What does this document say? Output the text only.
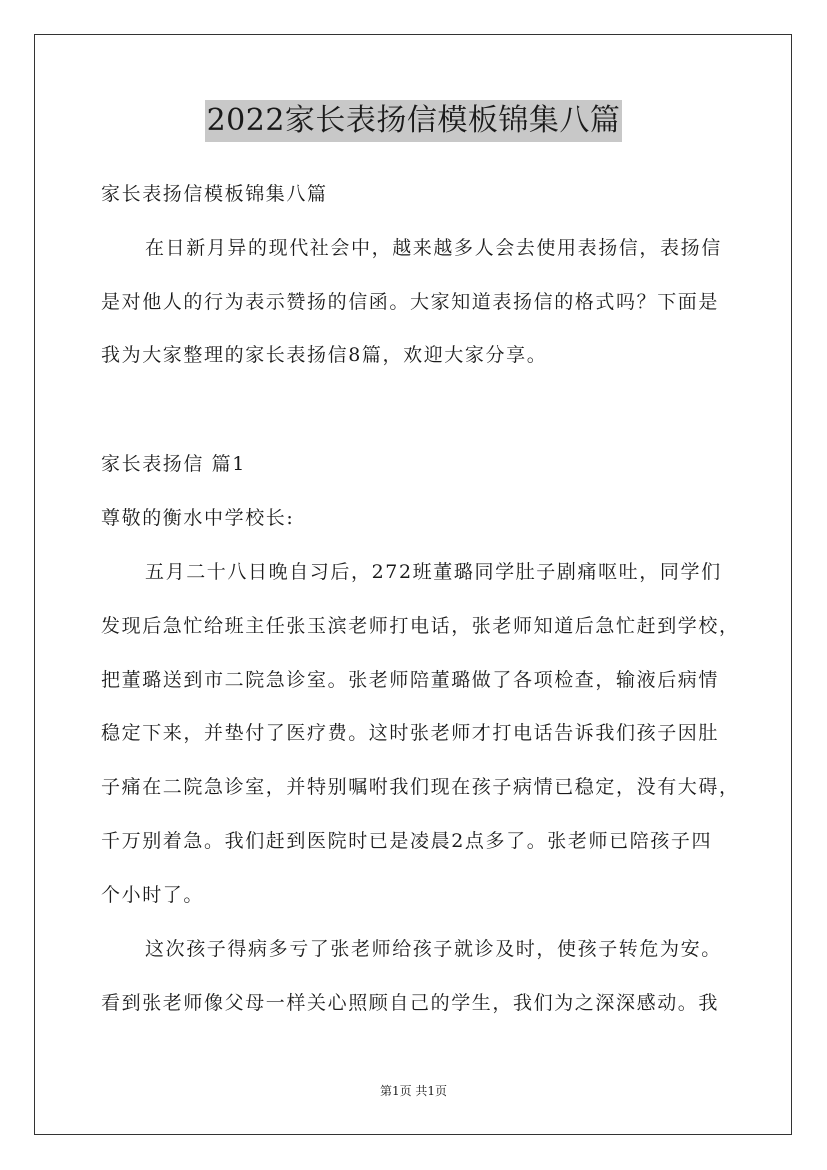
2022家长表扬信模板锦集八篇
家长表扬信模板锦集八篇
在日新月异的现代社会中，越来越多人会去使用表扬信，表扬信
是对他人的行为表示赞扬的信函。大家知道表扬信的格式吗？下面是
我为大家整理的家长表扬信8篇，欢迎大家分享。
家长表扬信 篇1
尊敬的衡水中学校长:
五月二十八日晚自习后，272班董璐同学肚子剧痛呕吐，同学们
发现后急忙给班主任张玉滨老师打电话，张老师知道后急忙赶到学校，
把董璐送到市二院急诊室。张老师陪董璐做了各项检查，输液后病情
稳定下来，并垫付了医疗费。这时张老师才打电话告诉我们孩子因肚
子痛在二院急诊室，并特别嘱咐我们现在孩子病情已稳定，没有大碍，
千万别着急。我们赶到医院时已是凌晨2点多了。张老师已陪孩子四
个小时了。
这次孩子得病多亏了张老师给孩子就诊及时，使孩子转危为安。
看到张老师像父母一样关心照顾自己的学生，我们为之深深感动。我
第1页 共1页
